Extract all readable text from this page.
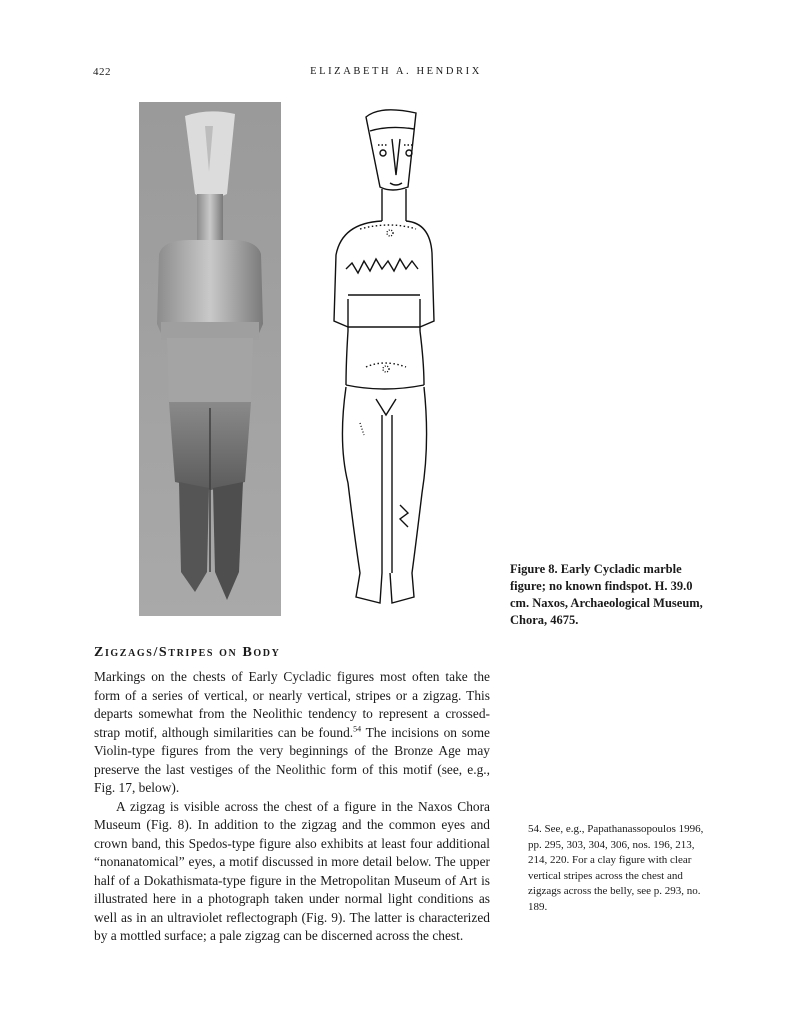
422	ELIZABETH A. HENDRIX
Figure 8. Early Cycladic marble figure; no known findspot. H. 39.0 cm. Naxos, Archaeological Museum, Chora, 4675.
Zigzags/Stripes on Body

Markings on the chests of Early Cycladic figures most often take the form of a series of vertical, or nearly vertical, stripes or a zigzag. This departs somewhat from the Neolithic tendency to represent a crossed-strap motif, although similarities can be found.$^{54}$ The incisions on some Violin-type figures from the very beginnings of the Bronze Age may preserve the last vestiges of the Neolithic form of this motif (see, e.g., Fig. 17, below).

A zigzag is visible across the chest of a figure in the Naxos Chora Museum (Fig. 8). In addition to the zigzag and the common eyes and crown band, this Spedos-type figure also exhibits at least four additional “nonanatomical” eyes, a motif discussed in more detail below. The upper half of a Dokathismata-type figure in the Metropolitan Museum of Art is illustrated here in a photograph taken under normal light conditions as well as in an ultraviolet reflectograph (Fig. 9). The latter is characterized by a mottled surface; a pale zigzag can be discerned across the chest.

54. See, e.g., Papathanassopoulos 1996, pp. 295, 303, 304, 306, nos. 196, 213, 214, 220. For a clay figure with clear vertical stripes across the chest and zigzags across the belly, see p. 293, no. 189.
